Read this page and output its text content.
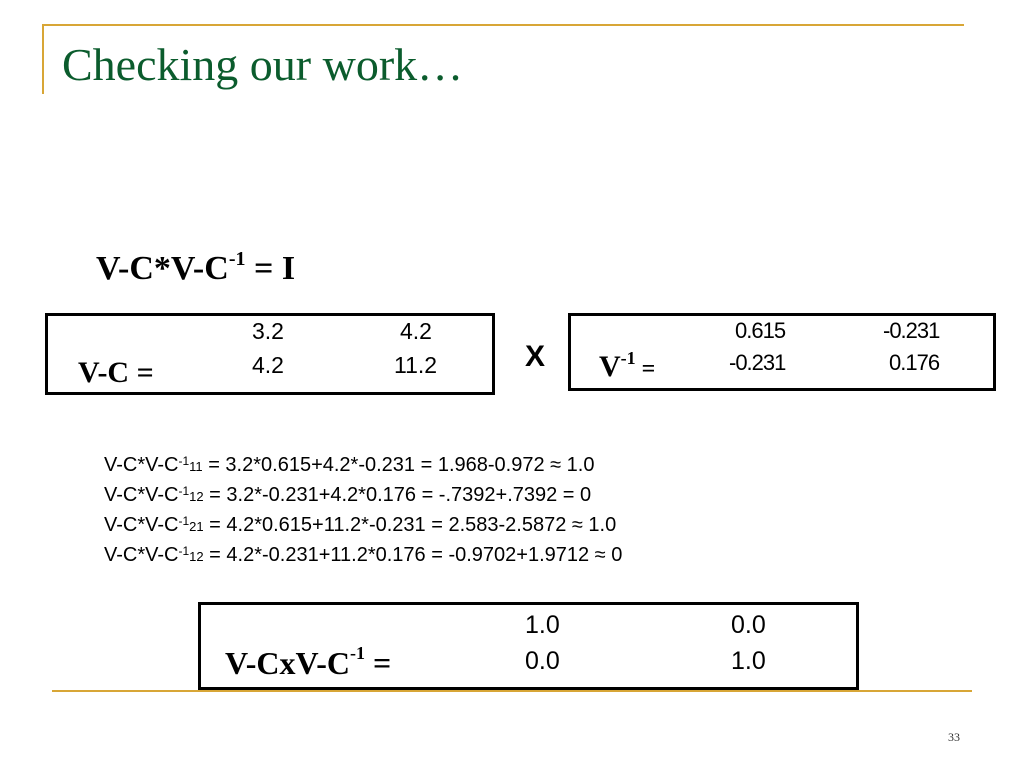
Checking our work…
$V-C*V-C^{-1} = I$
V-C =
3.2	4.2
4.2	11.2	X $V^{-1}$ =
0.615	-0.231
-0.231	0.176
$V-C*V-C^{-1}_{11} = 3.2*0.615+4.2*-0.231 = 1.968-0.972 \approx 1.0$
$V-C*V-C^{-1}_{12} = 3.2*-0.231+4.2*0.176 = -.7392+.7392 = 0$
$V-C*V-C^{-1}_{21} = 4.2*0.615+11.2*-0.231 = 2.583-2.5872 \approx 1.0$
$V-C*V-C^{-1}_{12} = 4.2*-0.231+11.2*0.176 = -0.9702+1.9712 \approx 0$
$V-CxV-C^{-1}$ =
1.0	0.0
0.0	1.0
33
